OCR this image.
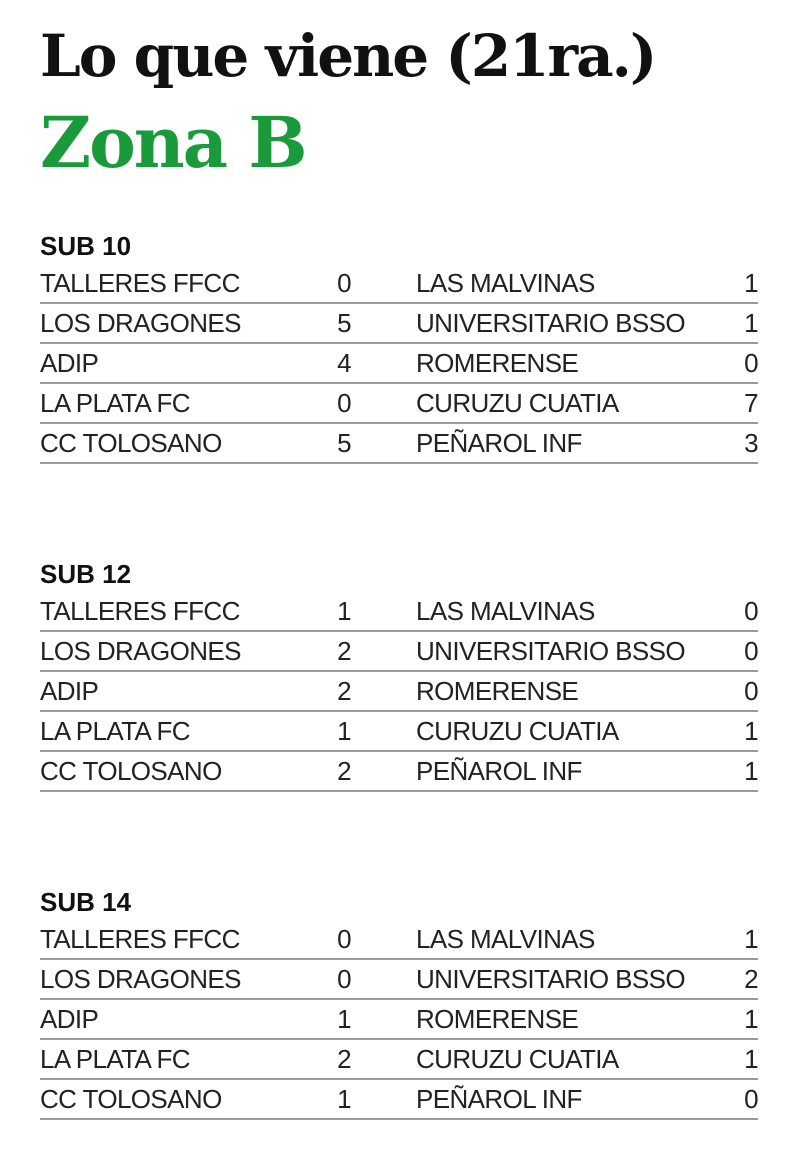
Lo que viene (21ra.)
Zona B
SUB 10
TALLERES FFCC	0	LAS MALVINAS	1
LOS DRAGONES	5	UNIVERSITARIO BSSO	1
ADIP	4	ROMERENSE	0
LA PLATA FC	0	CURUZU CUATIA	7
CC TOLOSANO	5	PEÑAROL INF	3
SUB 12
TALLERES FFCC	1	LAS MALVINAS	0
LOS DRAGONES	2	UNIVERSITARIO BSSO	0
ADIP	2	ROMERENSE	0
LA PLATA FC	1	CURUZU CUATIA	1
CC TOLOSANO	2	PEÑAROL INF	1
SUB 14
TALLERES FFCC	0	LAS MALVINAS	1
LOS DRAGONES	0	UNIVERSITARIO BSSO	2
ADIP	1	ROMERENSE	1
LA PLATA FC	2	CURUZU CUATIA	1
CC TOLOSANO	1	PEÑAROL INF	0
